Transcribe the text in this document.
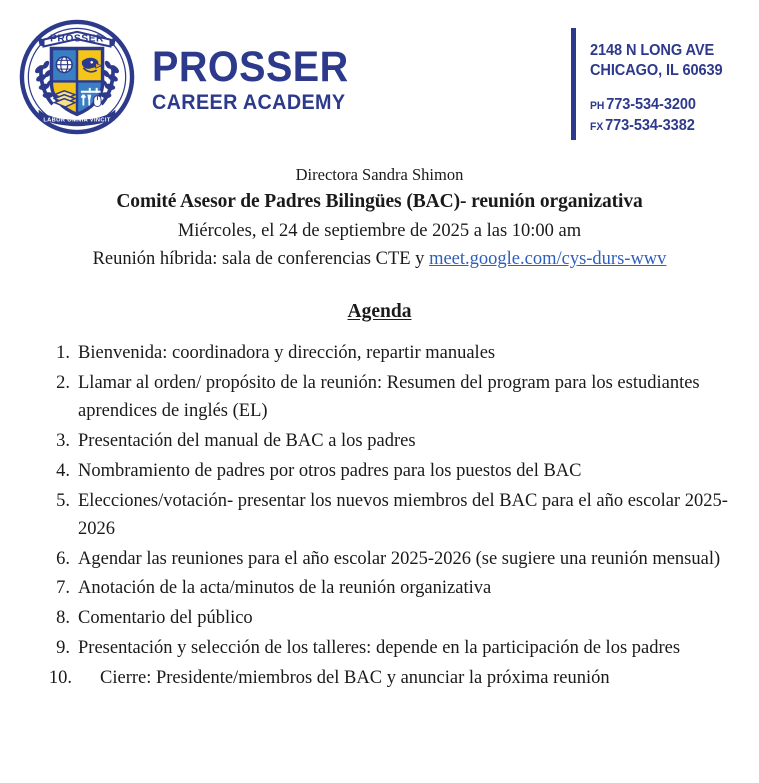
PROSSER
LABOR OMNIA VINCIT
PROSSER
CAREER ACADEMY
2148 N LONG AVE
CHICAGO, IL 60639
PH 773-534-3200
FX 773-534-3382
Directora Sandra Shimon
Comité Asesor de Padres Bilingües (BAC)- reunión organizativa
Miércoles, el 24 de septiembre de 2025 a las 10:00 am
Reunión híbrida: sala de conferencias CTE y meet.google.com/cys-durs-wwv
Agenda
1. Bienvenida: coordinadora y dirección, repartir manuales
2. Llamar al orden/ propósito de la reunión: Resumen del program para los estudiantes aprendices de inglés (EL)
3. Presentación del manual de BAC a los padres
4. Nombramiento de padres por otros padres para los puestos del BAC
5. Elecciones/votación- presentar los nuevos miembros del BAC para el año escolar 2025-2026
6. Agendar las reuniones para el año escolar 2025-2026 (se sugiere una reunión mensual)
7. Anotación de la acta/minutos de la reunión organizativa
8. Comentario del público
9. Presentación y selección de los talleres: depende en la participación de los padres
10. Cierre: Presidente/miembros del BAC y anunciar la próxima reunión
